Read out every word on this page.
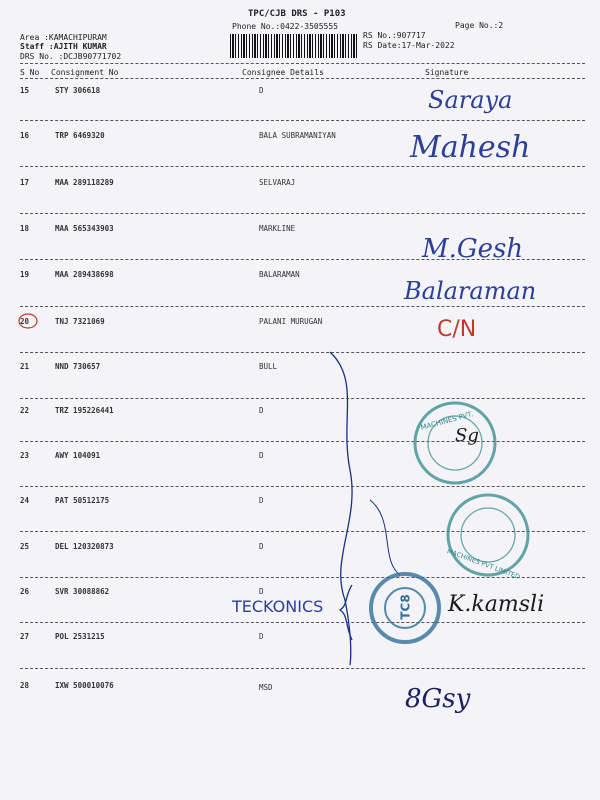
TPC/CJB DRS - P103
Phone No.:0422-3505555	Page No.:2
Area :KAMACHIPURAM
Staff :AJITH KUMAR
DRS No. :DCJB90771702
RS No.:907717
RS Date:17-Mar-2022
S No Consignment No	Consignee Details	Signature
15	STY 306618	D
16	TRP 6469320	BALA SUBRAMANIYAN
17	MAA 289118289	SELVARAJ
18	MAA 565343903	MARKLINE
19	MAA 289438698	BALARAMAN
20	TNJ 7321069	PALANI MURUGAN
21	NND 730657	BULL
22	TRZ 195226441	D
23	AWY 104091	D
24	PAT 50512175	D
25	DEL 120320873	D
26	SVR 30088862	D
27	POL 2531215	D
28	IXW 500010076	MSD
MACHINES PVT.
MACHINES PVT LIMITED
TC8
Saraya
Mahesh
M.Gesh
Balaraman
C/N
Sg
TECKONICS	K.kamsli
8Gsy
